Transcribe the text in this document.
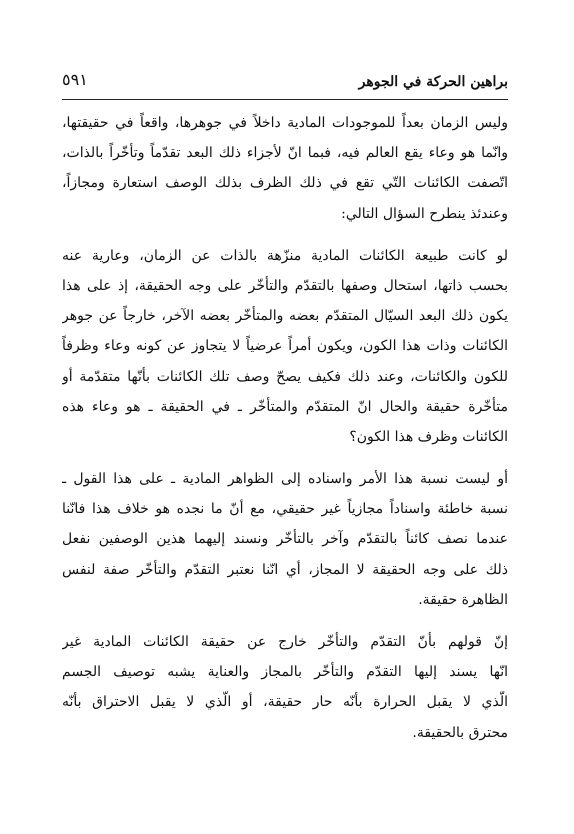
براهين الحركة في الجوهر
٥٩١
وليس الزمان بعداً للموجودات المادية داخلاً في جوهرها، واقعاً في حقيقتها،
وانّما هو وعاء يقع العالم فيه، فبما انّ لأجزاء ذلك البعد تقدّماً وتأخّراً بالذات،
اتّصفت الكائنات التّي تقع في ذلك الظرف بذلك الوصف استعارة ومجازاً،
وعندئذ ينطرح السؤال التالي:
لو كانت طبيعة الكائنات المادية منزّهة بالذات عن الزمان، وعارية عنه
بحسب ذاتها، استحال وصفها بالتقدّم والتأخّر على وجه الحقيقة، إذ على هذا
يكون ذلك البعد السيّال المتقدّم بعضه والمتأخّر بعضه الآخر، خارجاً عن جوهر
الكائنات وذات هذا الكون، ويكون أمراً عرضياً لا يتجاوز عن كونه وعاء وظرفاً
للكون والكائنات، وعند ذلك فكيف يصحّ وصف تلك الكائنات بأنّها متقدّمة أو
متأخّرة حقيقة والحال انّ المتقدّم والمتأخّر ـ في الحقيقة ـ هو وعاء هذه
الكائنات وظرف هذا الكون؟
أو ليست نسبة هذا الأمر واسناده إلى الظواهر المادية ـ على هذا القول ـ
نسبة خاطئة واسناداً مجازياً غير حقيقي، مع أنّ ما نجده هو خلاف هذا فانّنا
عندما نصف كائناً بالتقدّم وآخر بالتأخّر ونسند إليهما هذين الوصفين نفعل
ذلك على وجه الحقيقة لا المجاز، أي انّنا نعتبر التقدّم والتأخّر صفة لنفس
الظاهرة حقيقة.
إنّ قولهم بأنّ التقدّم والتأخّر خارج عن حقيقة الكائنات المادية غير
انّها يسند إليها التقدّم والتأخّر بالمجاز والعناية يشبه توصيف الجسم
الّذي لا يقبل الحرارة بأنّه حار حقيقة، أو الّذي لا يقبل الاحتراق بأنّه
محترق بالحقيقة.
